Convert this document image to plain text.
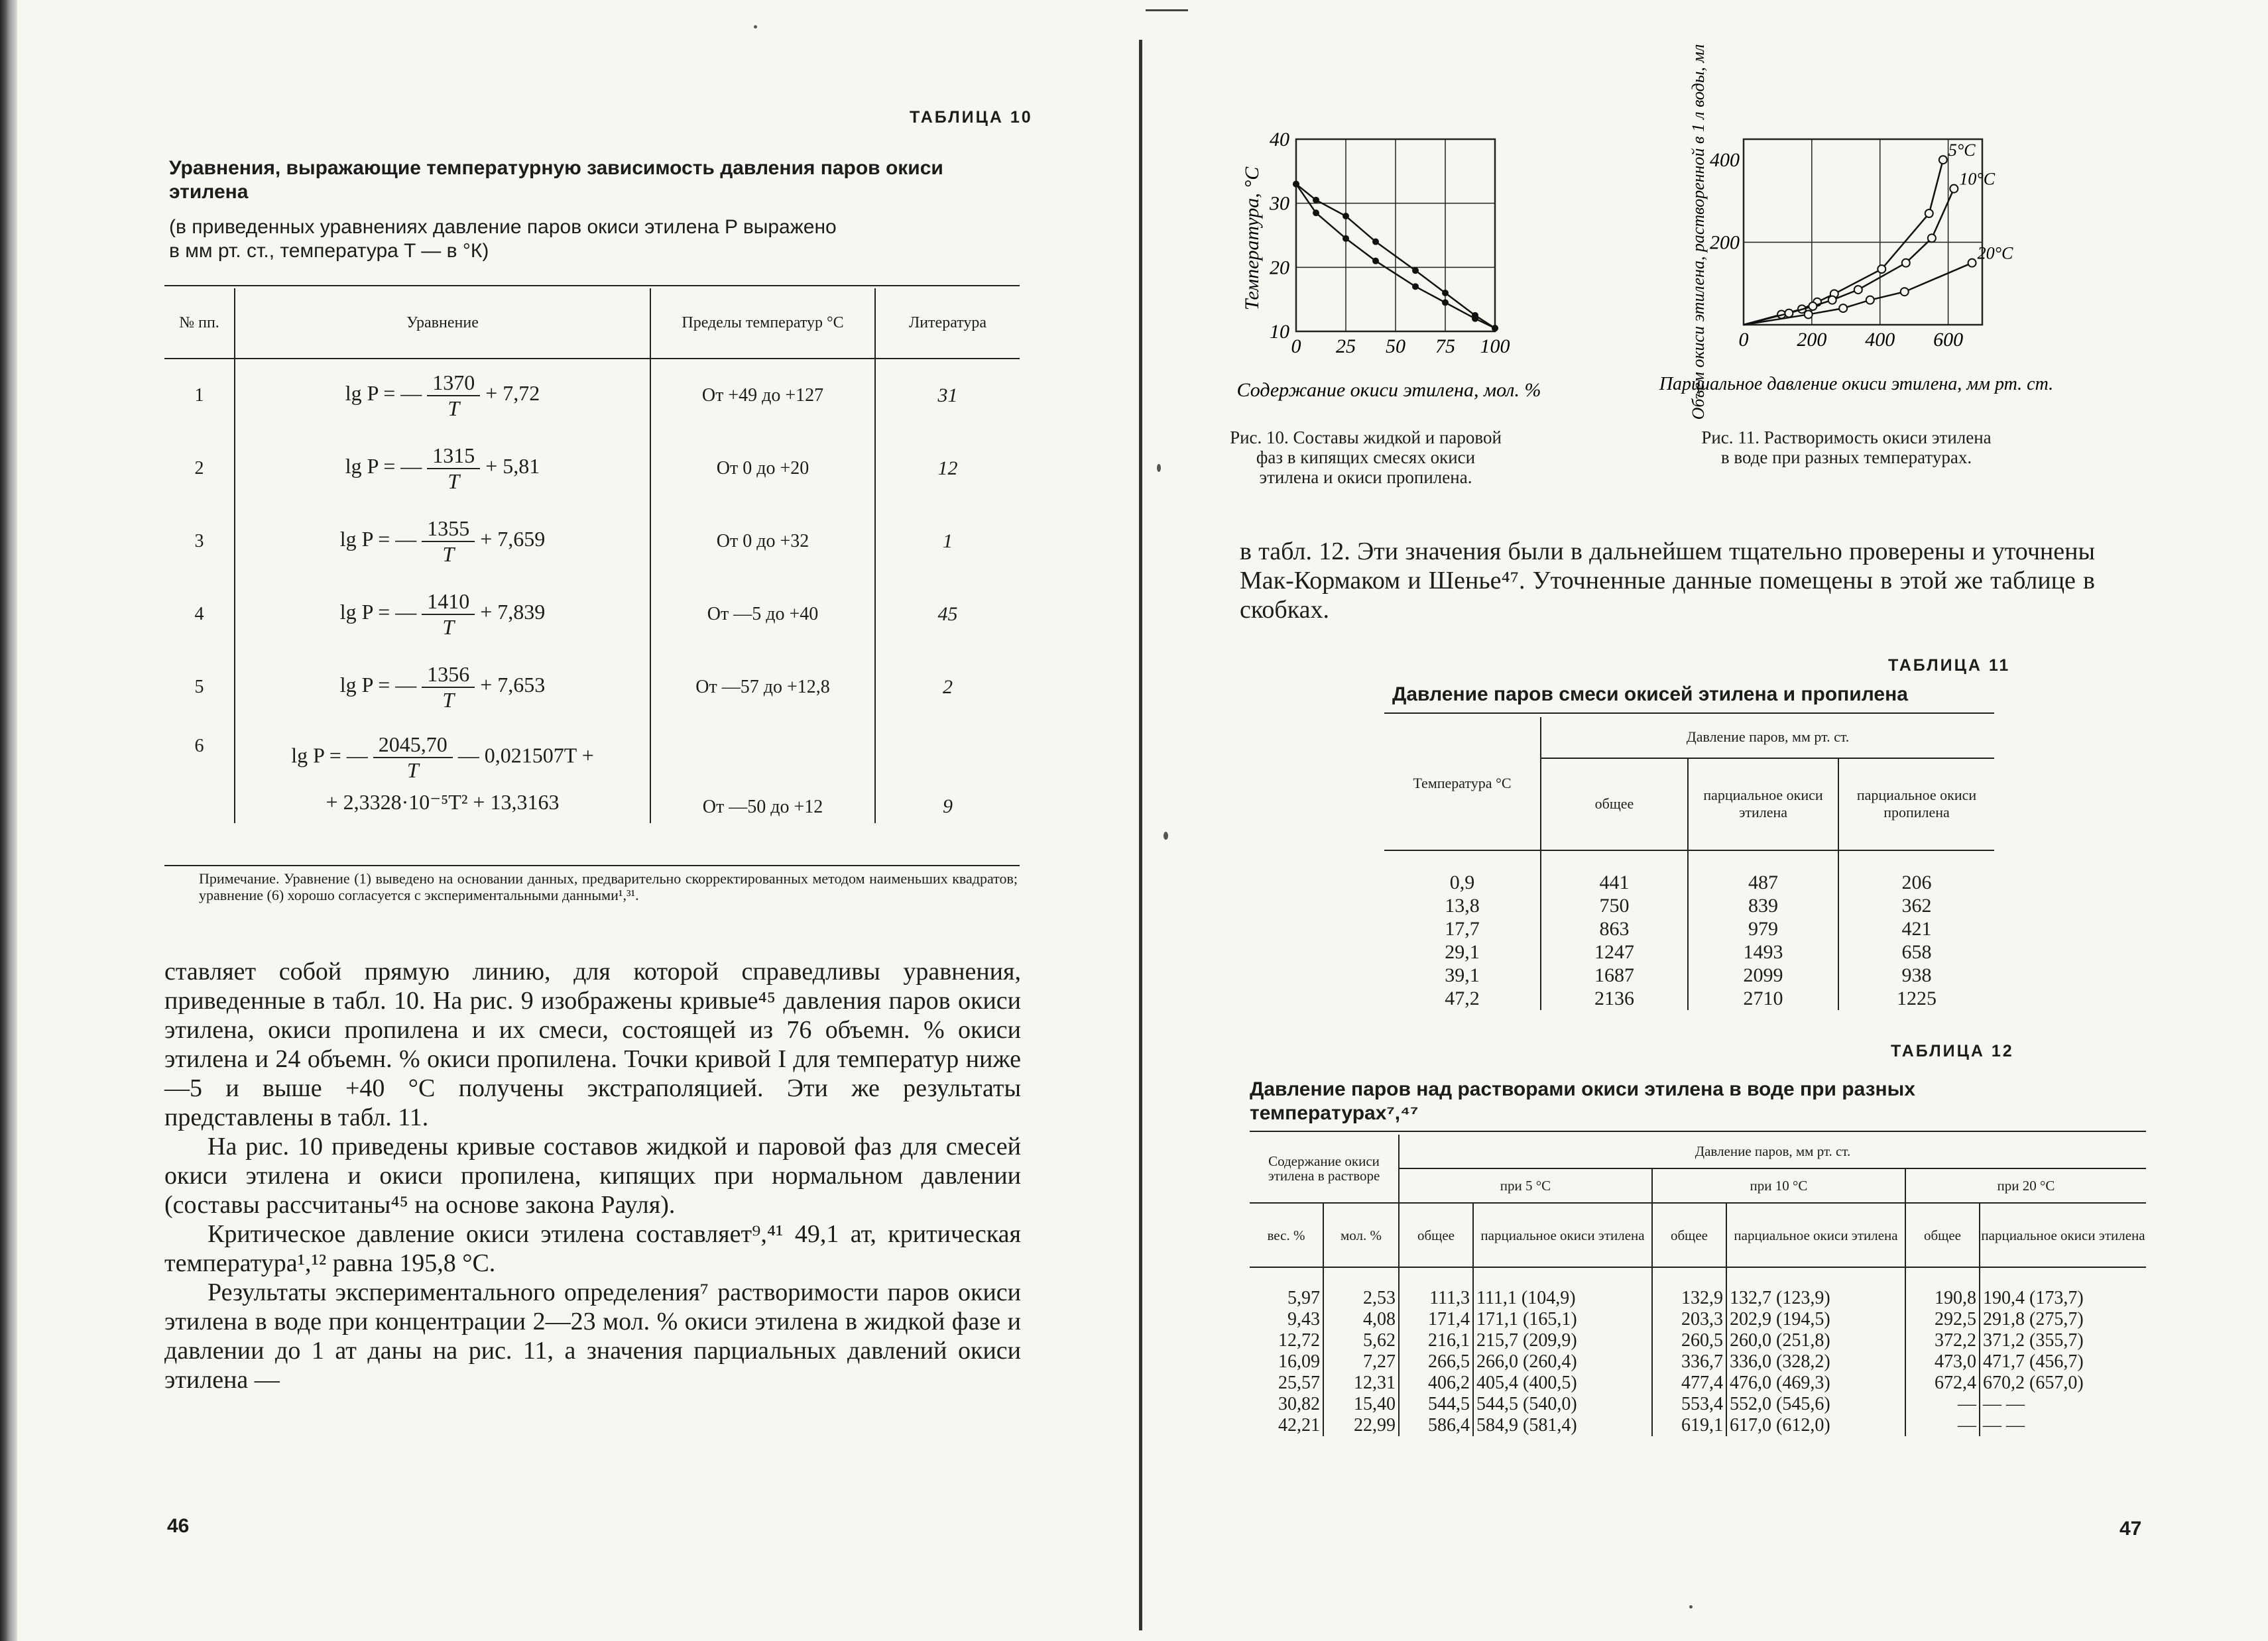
ТАБЛИЦА 10
Уравнения, выражающие температурную зависимость давления паров окиси этилена
(в приведенных уравнениях давление паров окиси этилена P выражено
в мм рт. ст., температура T — в °К)
№ пп.	Уравнение	Пределы температур °С	Литература
1	lg P = — $\frac{1370}{T} + 7,72$	От +49 до +127	31
2	lg P = — $\frac{1315}{T} + 5,81$	От 0 до +20	12
3	lg P = — $\frac{1355}{T} + 7,659$	От 0 до +32	1
4	lg P = — $\frac{1410}{T} + 7,839$	От —5 до +40	45
5	lg P = — $\frac{1356}{T} + 7,653$	От —57 до +12,8	2
6	lg P = — $\frac{2045,70}{T}$ — 0,021507T +
+ 2,3328·10⁻⁵T² + 13,3163	От —50 до +12	9
Примечание. Уравнение (1) выведено на основании данных, предварительно скорректированных методом наименьших квадратов; уравнение (6) хорошо согласуется с экспериментальными данными¹,³¹.
ставляет собой прямую линию, для которой справедливы уравнения, приведенные в табл. 10. На рис. 9 изображены кривые⁴⁵ давления паров окиси этилена, окиси пропилена и их смеси, состоящей из 76 объемн. % окиси этилена и 24 объемн. % окиси пропилена. Точки кривой I для температур ниже —5 и выше +40 °С получены экстраполяцией. Эти же результаты представлены в табл. 11.
На рис. 10 приведены кривые составов жидкой и паровой фаз для смесей окиси этилена и окиси пропилена, кипящих при нормальном давлении (составы рассчитаны⁴⁵ на основе закона Рауля).
Критическое давление окиси этилена составляет⁹,⁴¹ 49,1 ат, критическая температура¹,¹² равна 195,8 °С.
Результаты экспериментального определения⁷ растворимости паров окиси этилена в воде при концентрации 2—23 мол. % окиси этилена в жидкой фазе и давлении до 1 ат даны на рис. 11, а значения парциальных давлений окиси этилена —
46
0 25 50 75 100
10
20
30
40
Температура, °С
Содержание окиси этилена, мол. %
Рис. 10. Составы жидкой и паровой фаз в кипящих смесях окиси этилена и окиси пропилена.
0 200 400 600
200
400	5°С
10°С
20°С
Объем окиси этилена, растворенной в 1 л воды, мл
Парциальное давление окиси этилена, мм рт. ст.
Рис. 11. Растворимость окиси этилена в воде при разных температурах.
в табл. 12. Эти значения были в дальнейшем тщательно проверены и уточнены Мак-Кормаком и Шенье⁴⁷. Уточненные данные помещены в этой же таблице в скобках.
ТАБЛИЦА 11
Давление паров смеси окисей этилена и пропилена
ТАБЛИЦА 12
Давление паров над растворами окиси этилена в воде при разных
температурах⁷,⁴⁷
47
Температура °С	Давление паров, мм рт. ст.		
	общее	парциальное окиси этилена	парциальное окиси пропилена
0,9	441	487	206
13,8	750	839	362
17,7	863	979	421
29,1	1247	1493	658
39,1	1687	2099	938
47,2	2136	2710	1225
Содержание окиси этилена в растворе		Давление паров, мм рт. ст.					
		при 5 °С		при 10 °С		при 20 °С	
вес. %	мол. %	общее	парциальное окиси этилена	общее	парциальное окиси этилена	общее	парциальное окиси этилена
5,97	2,53	111,3	111,1 (104,9)	132,9	132,7 (123,9)	190,8	190,4 (173,7)
9,43	4,08	171,4	171,1 (165,1)	203,3	202,9 (194,5)	292,5	291,8 (275,7)
12,72	5,62	216,1	215,7 (209,9)	260,5	260,0 (251,8)	372,2	371,2 (355,7)
16,09	7,27	266,5	266,0 (260,4)	336,7	336,0 (328,2)	473,0	471,7 (456,7)
25,57	12,31	406,2	405,4 (400,5)	477,4	476,0 (469,3)	672,4	670,2 (657,0)
30,82	15,40	544,5	544,5 (540,0)	553,4	552,0 (545,6)	—	— —
42,21	22,99	586,4	584,9 (581,4)	619,1	617,0 (612,0)	—	— —
